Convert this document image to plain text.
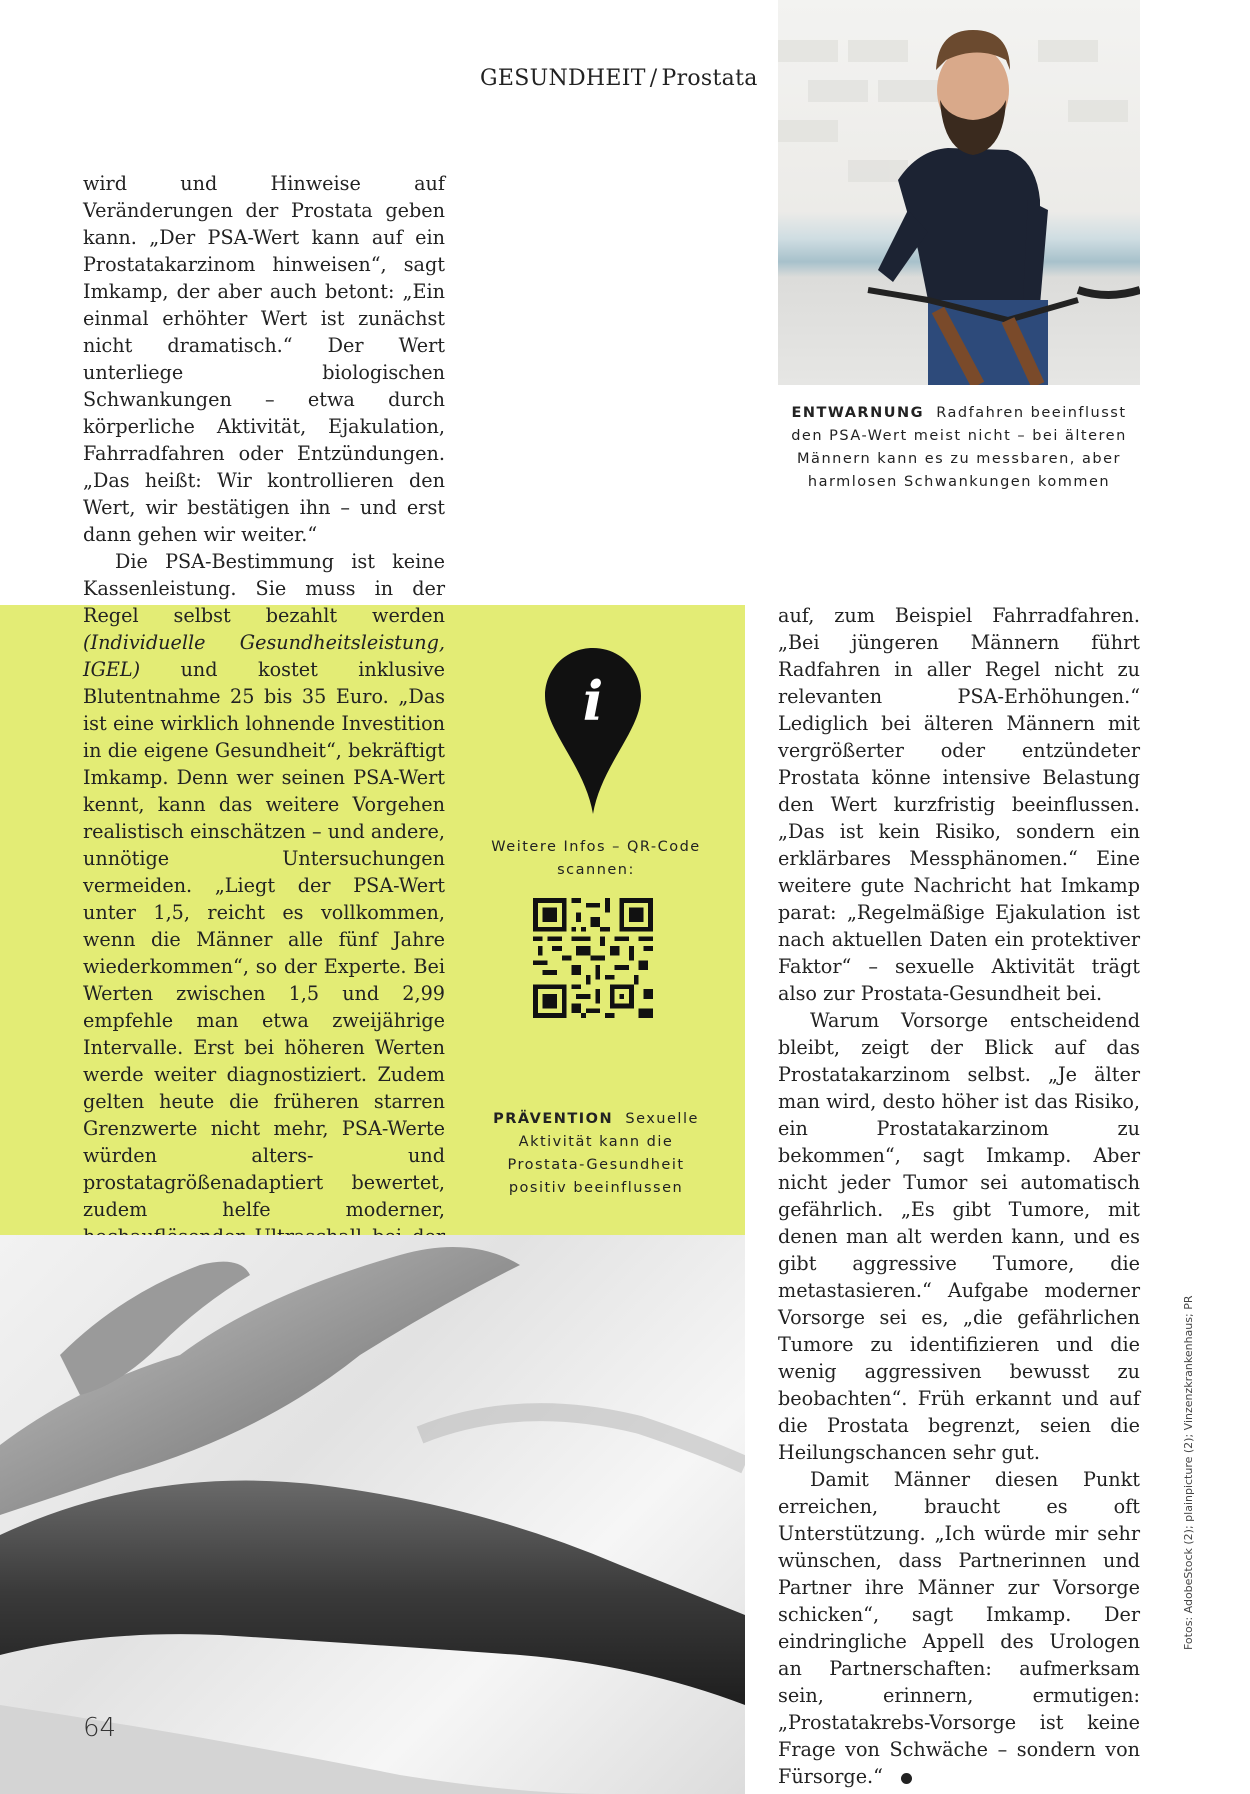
GESUNDHEIT / Prostata
ENTWARNUNG Radfahren beeinflusst den PSA-Wert meist nicht – bei älteren Männern kann es zu messbaren, aber harmlosen Schwankungen kommen

wird und Hinweise auf Veränderungen der Prostata geben kann. „Der PSA-Wert kann auf ein Prostatakarzinom hinweisen“, sagt Imkamp, der aber auch betont: „Ein einmal erhöhter Wert ist zunächst nicht dramatisch.“ Der Wert unterliege biologischen Schwankungen – etwa durch körperliche Aktivität, Ejakulation, Fahrradfahren oder Entzündungen. „Das heißt: Wir kontrollieren den Wert, wir bestätigen ihn – und erst dann gehen wir weiter.“

Die PSA-Bestimmung ist keine Kassenleistung. Sie muss in der Regel selbst bezahlt werden (Individuelle Gesundheitsleistung, IGEL) und kostet inklusive Blutentnahme 25 bis 35 Euro. „Das ist eine wirklich lohnende Investition in die eigene Gesundheit“, bekräftigt Imkamp. Denn wer seinen PSA-Wert kennt, kann das weitere Vorgehen realistisch einschätzen – und andere, unnötige Untersuchungen vermeiden. „Liegt der PSA-Wert unter 1,5, reicht es vollkommen, wenn die Männer alle fünf Jahre wiederkommen“, so der Experte. Bei Werten zwischen 1,5 und 2,99 empfehle man etwa zweijährige Intervalle. Erst bei höheren Werten werde weiter diagnostiziert. Zudem gelten heute die früheren starren Grenzwerte nicht mehr, PSA-Werte würden alters- und prostatagrößenadaptiert bewertet, zudem helfe moderner,

i
Weitere Infos – QR-Code scannen:
PRÄVENTION Sexuelle Aktivität kann die Prostata-Gesundheit positiv beeinflussen

auf, zum Beispiel Fahrradfahren. „Bei jüngeren Männern führt Radfahren in aller Regel nicht zu relevanten PSA-Erhöhungen.“ Lediglich bei älteren Männern mit vergrößerter oder entzündeter Prostata könne intensive Belastung den Wert kurzfristig beeinflussen. „Das ist kein Risiko, sondern ein erklärbares Messphänomen.“ Eine weitere gute Nachricht hat Imkamp parat: „Regelmäßige Ejakulation ist nach aktuellen Daten ein protektiver Faktor“ – sexuelle Aktivität trägt also zur Prostata-Gesundheit bei.

Warum Vorsorge entscheidend bleibt, zeigt der Blick auf das Prostatakarzinom selbst. „Je älter man wird, desto höher ist das Risiko, ein Prostatakarzinom zu bekommen“, sagt Imkamp. Aber nicht jeder Tumor sei automatisch gefährlich. „Es gibt Tumore, mit denen man alt werden kann, und es gibt aggressive Tumore, die metastasieren.“ Aufgabe moderner Vorsorge sei es, „die gefährlichen Tumore zu identifizieren und die wenig aggressiven bewusst zu beobachten“. Früh erkannt und auf die Prostata begrenzt, seien die Heilungschancen sehr gut.

Damit Männer diesen Punkt erreichen, braucht es oft Unterstützung. „Ich würde mir sehr wünschen, dass Partnerinnen und Partner ihre Männer zur Vorsorge schicken“, sagt Imkamp. Der eindringliche Appell des Urologen an Partnerschaften: aufmerksam sein, erinnern, ermutigen: „Prostatakrebs-Vorsorge ist keine Frage von Schwäche – sondern von Fürsorge.“

64
Fotos: AdobeStock (2); plainpicture (2); Vinzenzkrankenhaus; PR
